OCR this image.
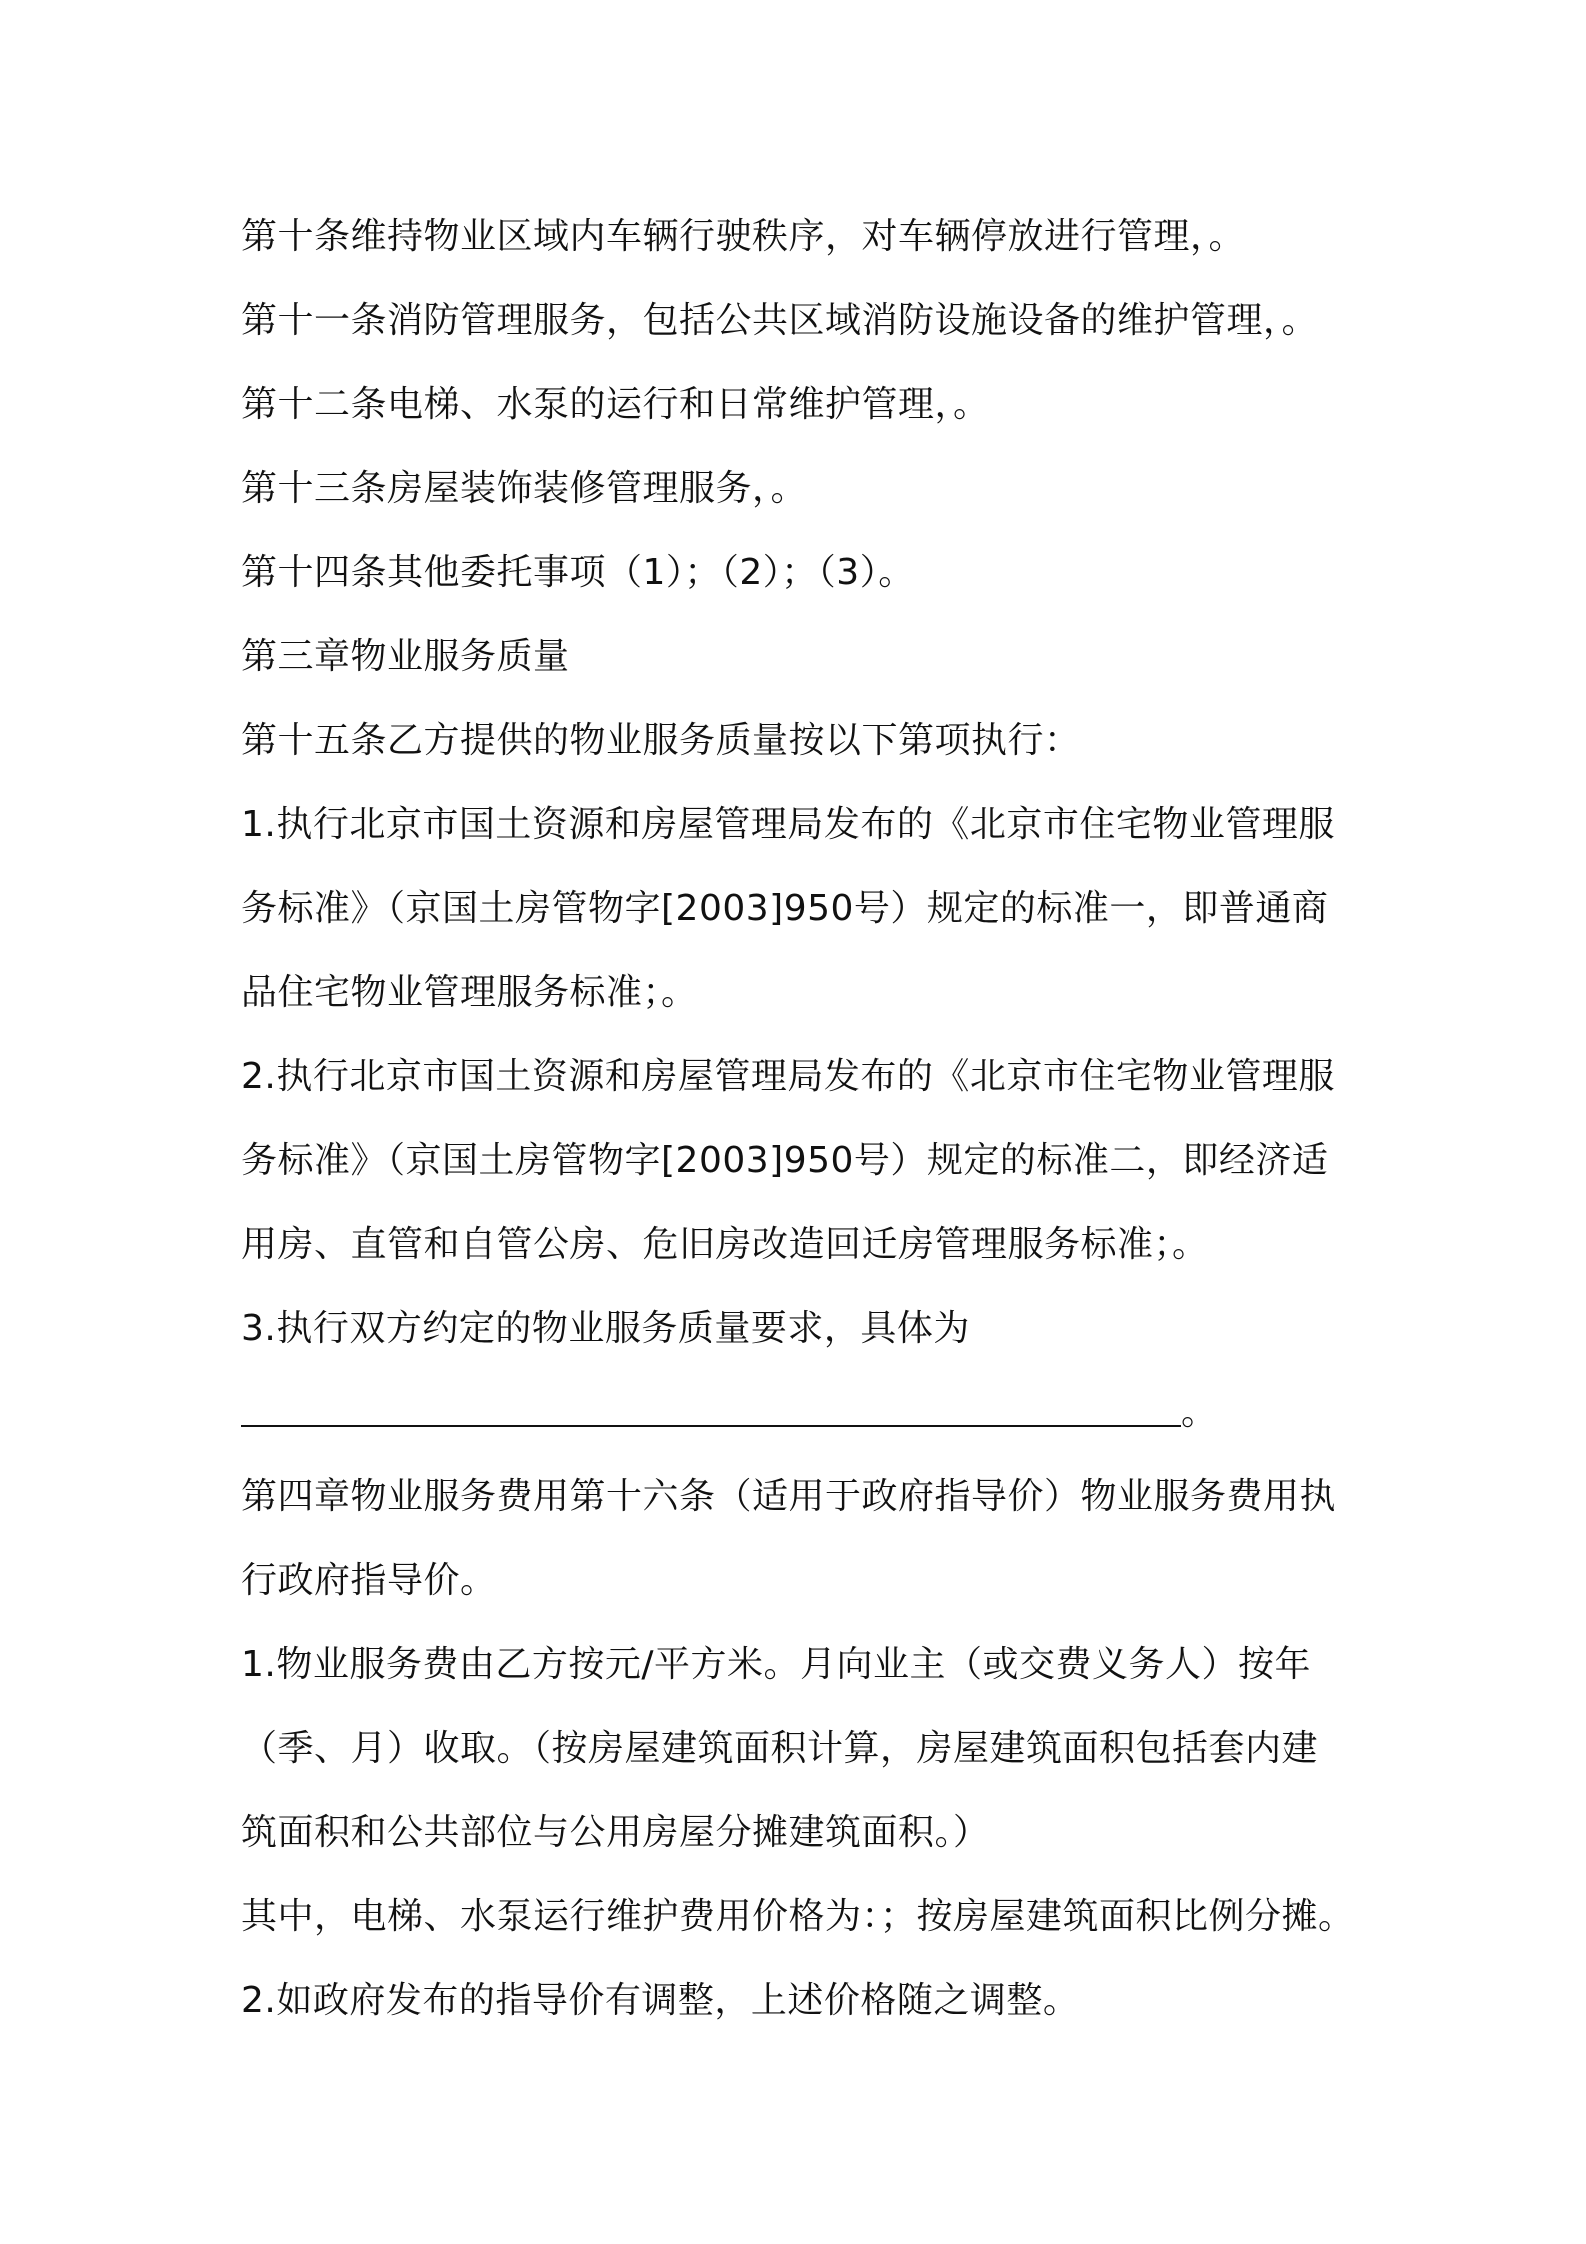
第十条维持物业区域内车辆行驶秩序，对车辆停放进行管理，。
第十一条消防管理服务，包括公共区域消防设施设备的维护管理，。
第十二条电梯、水泵的运行和日常维护管理，。
第十三条房屋装饰装修管理服务，。
第十四条其他委托事项（1）；（2）；（3）。
第三章物业服务质量
第十五条乙方提供的物业服务质量按以下第项执行：
1.执行北京市国土资源和房屋管理局发布的《北京市住宅物业管理服
务标准》（京国土房管物字[2003]950号）规定的标准一，即普通商
品住宅物业管理服务标准；。
2.执行北京市国土资源和房屋管理局发布的《北京市住宅物业管理服
务标准》（京国土房管物字[2003]950号）规定的标准二，即经济适
用房、直管和自管公房、危旧房改造回迁房管理服务标准；。
3.执行双方约定的物业服务质量要求，具体为
。
第四章物业服务费用第十六条（适用于政府指导价）物业服务费用执
行政府指导价。
1.物业服务费由乙方按元/平方米。月向业主（或交费义务人）按年
（季、月）收取。（按房屋建筑面积计算，房屋建筑面积包括套内建
筑面积和公共部位与公用房屋分摊建筑面积。）
其中，电梯、水泵运行维护费用价格为：；按房屋建筑面积比例分摊。
2.如政府发布的指导价有调整，上述价格随之调整。
